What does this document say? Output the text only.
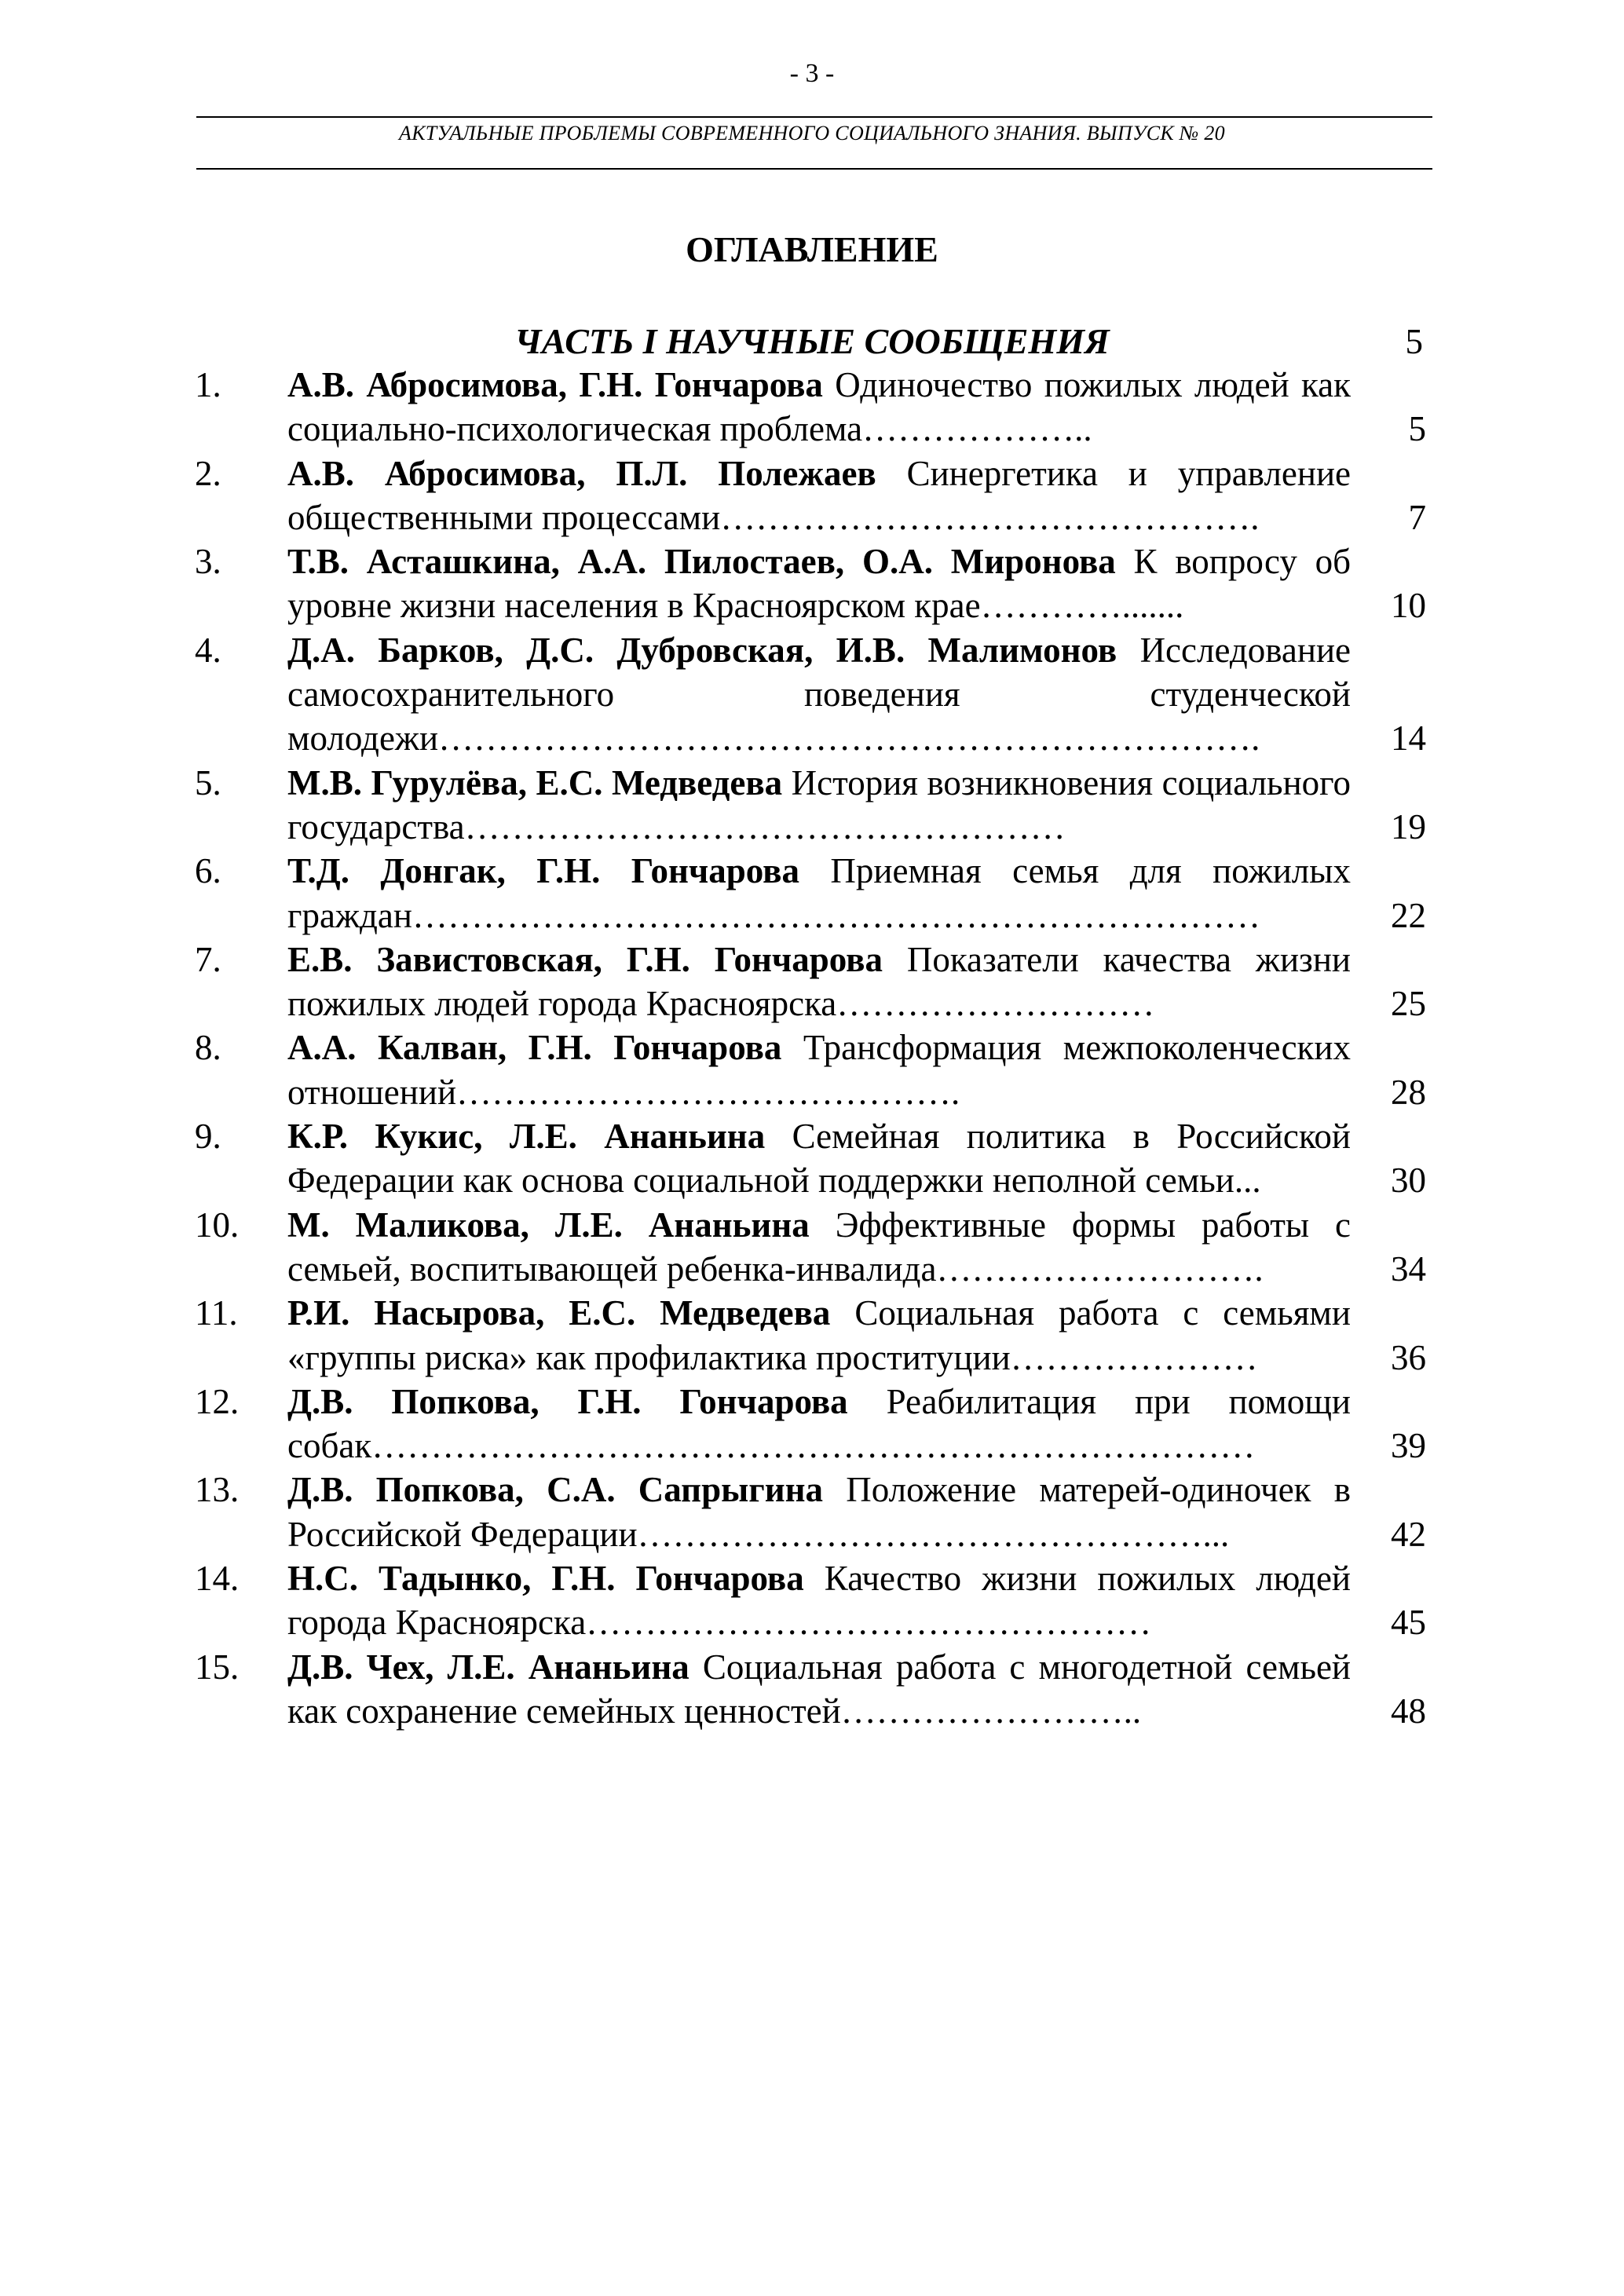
- 3 -
АКТУАЛЬНЫЕ ПРОБЛЕМЫ СОВРЕМЕННОГО СОЦИАЛЬНОГО ЗНАНИЯ. ВЫПУСК № 20
ОГЛАВЛЕНИЕ
ЧАСТЬ I НАУЧНЫЕ СООБЩЕНИЯ	5
1. А.В. Абросимова, Г.Н. Гончарова Одиночество пожилых людей как социально-психологическая проблема………………..	5
2. А.В. Абросимова, П.Л. Полежаев Синергетика и управление общественными процессами……………………………………….	7
3. Т.В. Асташкина, А.А. Пилостаев, О.А. Миронова К вопросу об уровне жизни населения в Красноярском крае………….......	10
4. Д.А. Барков, Д.С. Дубровская, И.В. Малимонов Исследование самосохранительного поведения студенческой молодежи…………………………………………………………….	14
5. М.В. Гурулёва, Е.С. Медведева История возникновения социального государства……………………………………………	19
6. Т.Д. Донгак, Г.Н. Гончарова Приемная семья для пожилых граждан………………………………………………………………	22
7. Е.В. Завистовская, Г.Н. Гончарова Показатели качества жизни пожилых людей города Красноярска………………………	25
8. А.А. Калван, Г.Н. Гончарова Трансформация межпоколенческих отношений…………………………………….	28
9. К.Р. Кукис, Л.Е. Ананьина Семейная политика в Российской Федерации как основа социальной поддержки неполной семьи...	30
10. М. Маликова, Л.Е. Ананьина Эффективные формы работы с семьей, воспитывающей ребенка-инвалида……………………….	34
11. Р.И. Насырова, Е.С. Медведева Социальная работа с семьями «группы риска» как профилактика проституции…………………	36
12. Д.В. Попкова, Г.Н. Гончарова Реабилитация при помощи собак…………………………………………………………………	39
13. Д.В. Попкова, С.А. Сапрыгина Положение матерей-одиночек в Российской Федерации…………………………………………...	42
14. Н.С. Тадынко, Г.Н. Гончарова Качество жизни пожилых людей города Красноярска…………………………………………	45
15. Д.В. Чех, Л.Е. Ананьина Социальная работа с многодетной семьей как сохранение семейных ценностей……………………..	48
